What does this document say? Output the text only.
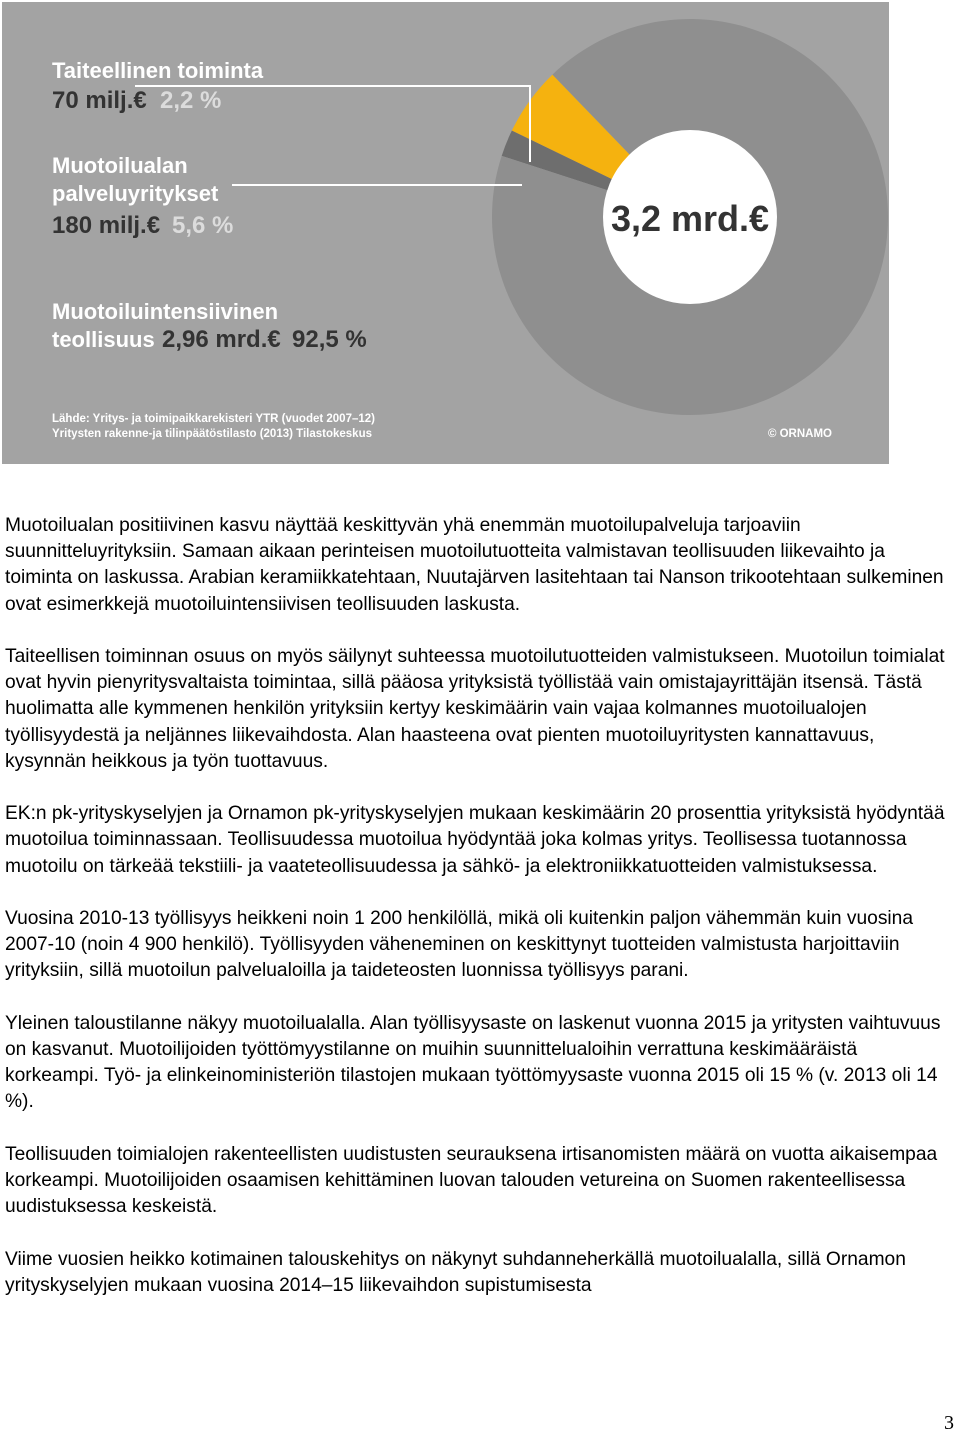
3,2 mrd.€
Taiteellinen toiminta
70 milj.€ 2,2 %
Muotoilualan
palveluyritykset
180 milj.€ 5,6 %
Muotoiluintensiivinen
teollisuus 2,96 mrd.€ 92,5 %
Lähde: Yritys- ja toimipaikkarekisteri YTR (vuodet 2007–12)
Yritysten rakenne-ja tilinpäätöstilasto (2013) Tilastokeskus	© ORNAMO

Muotoilualan positiivinen kasvu näyttää keskittyvän yhä enemmän muotoilupalveluja tarjoaviin suunnitteluyrityksiin. Samaan aikaan perinteisen muotoilutuotteita valmistavan teollisuuden liikevaihto ja toiminta on laskussa. Arabian keramiikkatehtaan, Nuutajärven lasitehtaan tai Nanson trikootehtaan sulkeminen ovat esimerkkejä muotoiluintensiivisen teollisuuden laskusta.

Taiteellisen toiminnan osuus on myös säilynyt suhteessa muotoilutuotteiden valmistukseen. Muotoilun toimialat ovat hyvin pienyritysvaltaista toimintaa, sillä pääosa yrityksistä työllistää vain omistajayrittäjän itsensä. Tästä huolimatta alle kymmenen henkilön yrityksiin kertyy keskimäärin vain vajaa kolmannes muotoilualojen työllisyydestä ja neljännes liikevaihdosta. Alan haasteena ovat pienten muotoiluyritysten kannattavuus, kysynnän heikkous ja työn tuottavuus.

EK:n pk-yrityskyselyjen ja Ornamon pk-yrityskyselyjen mukaan keskimäärin 20 prosenttia yrityksistä hyödyntää muotoilua toiminnassaan. Teollisuudessa muotoilua hyödyntää joka kolmas yritys. Teollisessa tuotannossa muotoilu on tärkeää tekstiili- ja vaateteollisuudessa ja sähkö- ja elektroniikkatuotteiden valmistuksessa.

Vuosina 2010-13 työllisyys heikkeni noin 1 200 henkilöllä, mikä oli kuitenkin paljon vähemmän kuin vuosina 2007-10 (noin 4 900 henkilö). Työllisyyden väheneminen on keskittynyt tuotteiden valmistusta harjoittaviin yrityksiin, sillä muotoilun palvelualoilla ja taideteosten luonnissa työllisyys parani.

Yleinen taloustilanne näkyy muotoilualalla. Alan työllisyysaste on laskenut vuonna 2015 ja yritysten vaihtuvuus on kasvanut. Muotoilijoiden työttömyystilanne on muihin suunnittelualoihin verrattuna keskimääräistä korkeampi. Työ- ja elinkeinoministeriön tilastojen mukaan työttömyysaste vuonna 2015 oli 15 % (v. 2013 oli 14 %).

Teollisuuden toimialojen rakenteellisten uudistusten seurauksena irtisanomisten määrä on vuotta aikaisempaa korkeampi. Muotoilijoiden osaamisen kehittäminen luovan talouden vetureina on Suomen rakenteellisessa uudistuksessa keskeistä.

Viime vuosien heikko kotimainen talouskehitys on näkynyt suhdanneherkällä muotoilualalla, sillä Ornamon yrityskyselyjen mukaan vuosina 2014–15 liikevaihdon supistumisesta

3
